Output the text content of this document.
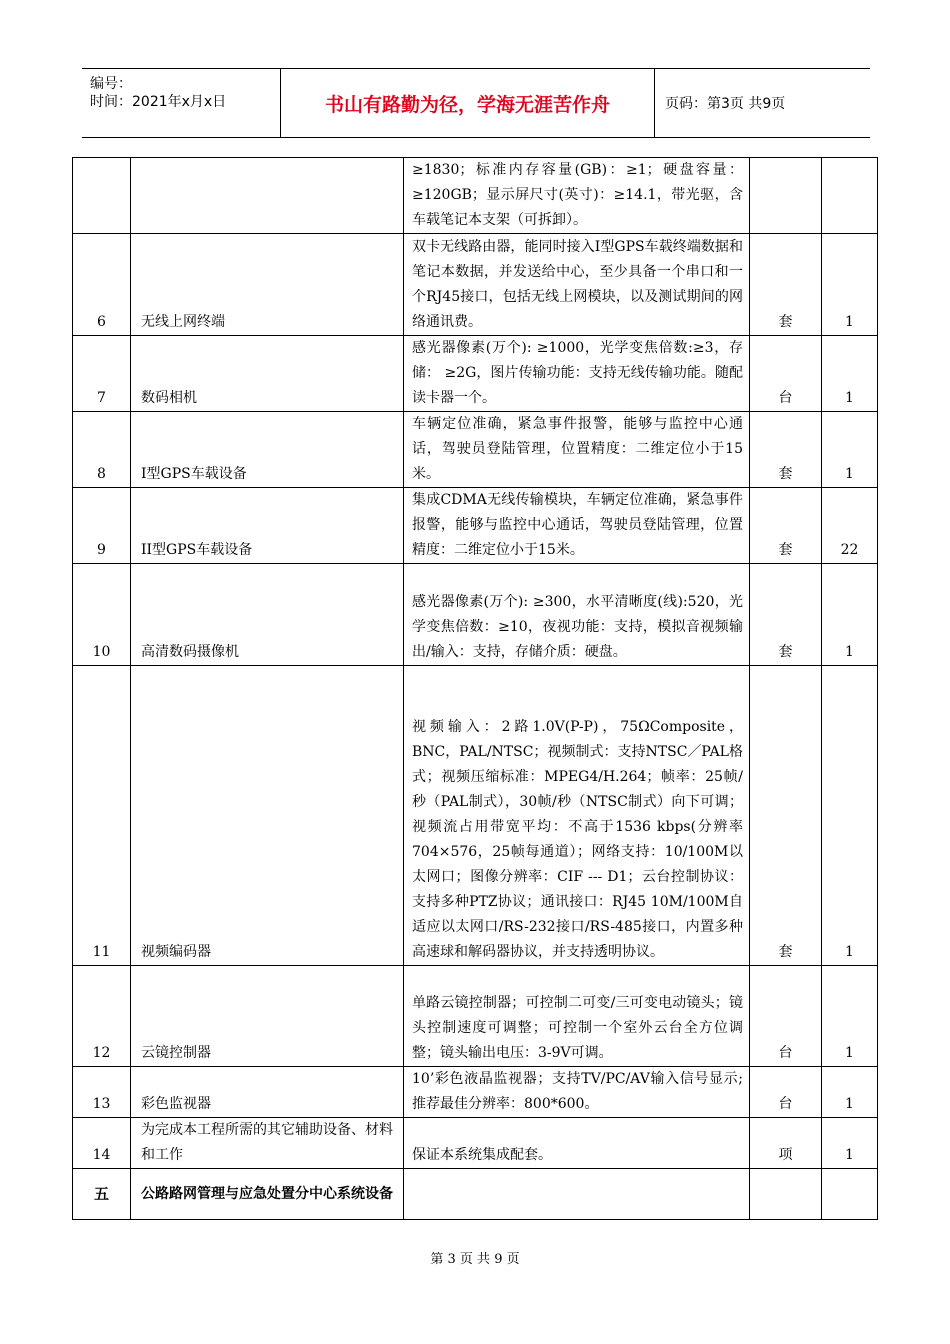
编号：
时间：2021年x月x日	书山有路勤为径，学海无涯苦作舟	页码：第3页 共9页
		≥1830；标准内存容量(GB)：≥1；硬盘容量：≥120GB；显示屏尺寸(英寸)：≥14.1，带光驱，含车载笔记本支架（可拆卸）。		
6	无线上网终端	双卡无线路由器，能同时接入I型GPS车载终端数据和笔记本数据，并发送给中心，至少具备一个串口和一个RJ45接口，包括无线上网模块，以及测试期间的网络通讯费。	套	1
7	数码相机	感光器像素(万个): ≥1000，光学变焦倍数:≥3，存储： ≥2G，图片传输功能：支持无线传输功能。随配读卡器一个。	台	1
8	I型GPS车载设备	车辆定位准确，紧急事件报警，能够与监控中心通话，驾驶员登陆管理，位置精度：二维定位小于15米。	套	1
9	II型GPS车载设备	集成CDMA无线传输模块，车辆定位准确，紧急事件报警，能够与监控中心通话，驾驶员登陆管理，位置精度：二维定位小于15米。	套	22
10	高清数码摄像机	感光器像素(万个): ≥300，水平清晰度(线):520，光学变焦倍数：≥10，夜视功能：支持，模拟音视频输出/输入：支持，存储介质：硬盘。	套	1
11	视频编码器	视频输入：2路1.0V(P-P)，75ΩComposite，BNC，PAL/NTSC；视频制式：支持NTSC／PAL格式；视频压缩标准：MPEG4/H.264；帧率：25帧/秒（PAL制式），30帧/秒（NTSC制式）向下可调；视频流占用带宽平均：不高于1536 kbps(分辨率704×576，25帧每通道）；网络支持：10/100M以太网口；图像分辨率：CIF --- D1；云台控制协议：支持多种PTZ协议；通讯接口：RJ45 10M/100M自适应以太网口/RS-232接口/RS-485接口，内置多种高速球和解码器协议，并支持透明协议。	套	1
12	云镜控制器	单路云镜控制器；可控制二可变/三可变电动镜头；镜头控制速度可调整；可控制一个室外云台全方位调整；镜头输出电压：3-9V可调。	台	1
13	彩色监视器	10’彩色液晶监视器；支持TV/PC/AV输入信号显示;推荐最佳分辨率：800*600。	台	1
14	为完成本工程所需的其它辅助设备、材料和工作	保证本系统集成配套。	项	1
五	公路路网管理与应急处置分中心系统设备			
第 3 页 共 9 页
